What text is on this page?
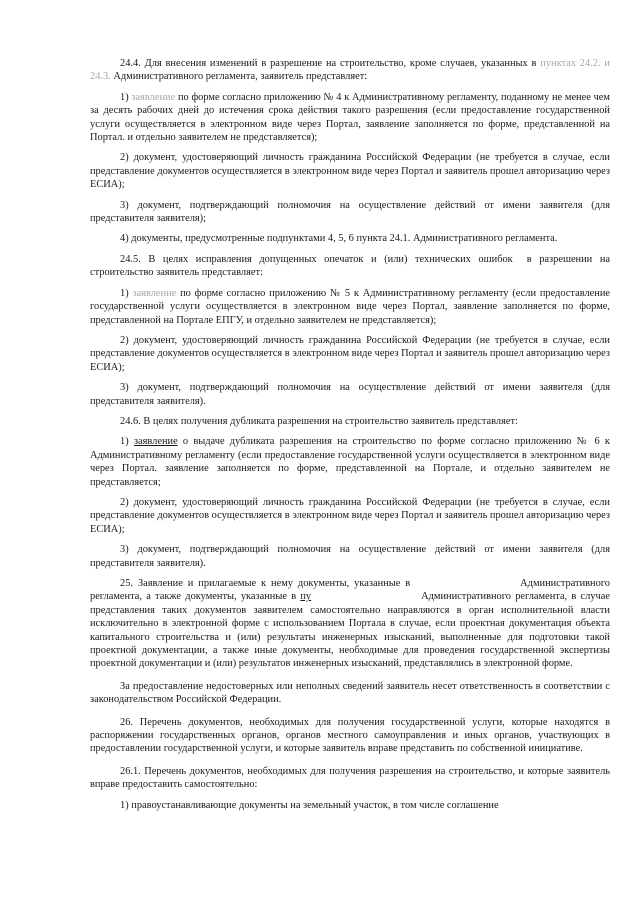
24.4. Для внесения изменений в разрешение на строительство, кроме случаев, указанных в пунктах 24.2. и 24.3. Административного регламента, заявитель представляет:

1) заявление по форме согласно приложению № 4 к Административному регламенту, поданному не менее чем за десять рабочих дней до истечения срока действия такого разрешения (если предоставление государственной услуги осуществляется в электронном виде через Портал, заявление заполняется по форме, представленной на Портал. и отдельно заявителем не представляется);

2) документ, удостоверяющий личность гражданина Российской Федерации (не требуется в случае, если представление документов осуществляется в электронном виде через Портал и заявитель прошел авторизацию через ЕСИА);

3) документ, подтверждающий полномочия на осуществление действий от имени заявителя (для представителя заявителя);

4) документы, предусмотренные подпунктами 4, 5, 6 пункта 24.1. Административного регламента.

24.5. В целях исправления допущенных опечаток и (или) технических ошибок в разрешении на строительство заявитель представляет:

1) заявление по форме согласно приложению № 5 к Административному регламенту (если предоставление государственной услуги осуществляется в электронном виде через Портал, заявление заполняется по форме, представленной на Портале ЕПГУ, и отдельно заявителем не представляется);

2) документ, удостоверяющий личность гражданина Российской Федерации (не требуется в случае, если представление документов осуществляется в электронном виде через Портал и заявитель прошел авторизацию через ЕСИА);

3) документ, подтверждающий полномочия на осуществление действий от имени заявителя (для представителя заявителя).

24.6. В целях получения дубликата разрешения на строительство заявитель представляет:

1) заявление о выдаче дубликата разрешения на строительство по форме согласно приложению № 6 к Административному регламенту (если предоставление государственной услуги осуществляется в электронном виде через Портал. заявление заполняется по форме, представленной на Портале, и отдельно заявителем не представляется;

2) документ, удостоверяющий личность гражданина Российской Федерации (не требуется в случае, если представление документов осуществляется в электронном виде через Портал и заявитель прошел авторизацию через ЕСИА);

3) документ, подтверждающий полномочия на осуществление действий от имени заявителя (для представителя заявителя).

25. Заявление и прилагаемые к нему документы, указанные в	Административного регламента, а также документы, указанные в пу	Административного регламента, в случае представления таких документов заявителем самостоятельно направляются в орган исполнительной власти исключительно в электронной форме с использованием Портала в случае, если проектная документация объекта капитального строительства и (или) результаты инженерных изысканий, выполненные для подготовки такой проектной документации, а также иные документы, необходимые для проведения государственной экспертизы проектной документации и (или) результатов инженерных изысканий, представлялись в электронной форме.

За предоставление недостоверных или неполных сведений заявитель несет ответственность в соответствии с законодательством Российской Федерации.

26. Перечень документов, необходимых для получения государственной услуги, которые находятся в распоряжении государственных органов, органов местного самоуправления и иных органов, участвующих в предоставлении государственной услуги, и которые заявитель вправе представить по собственной инициативе.

26.1. Перечень документов, необходимых для получения разрешения на строительство, и которые заявитель вправе предоставить самостоятельно:

1) правоустанавливающие документы на земельный участок, в том числе соглашение
